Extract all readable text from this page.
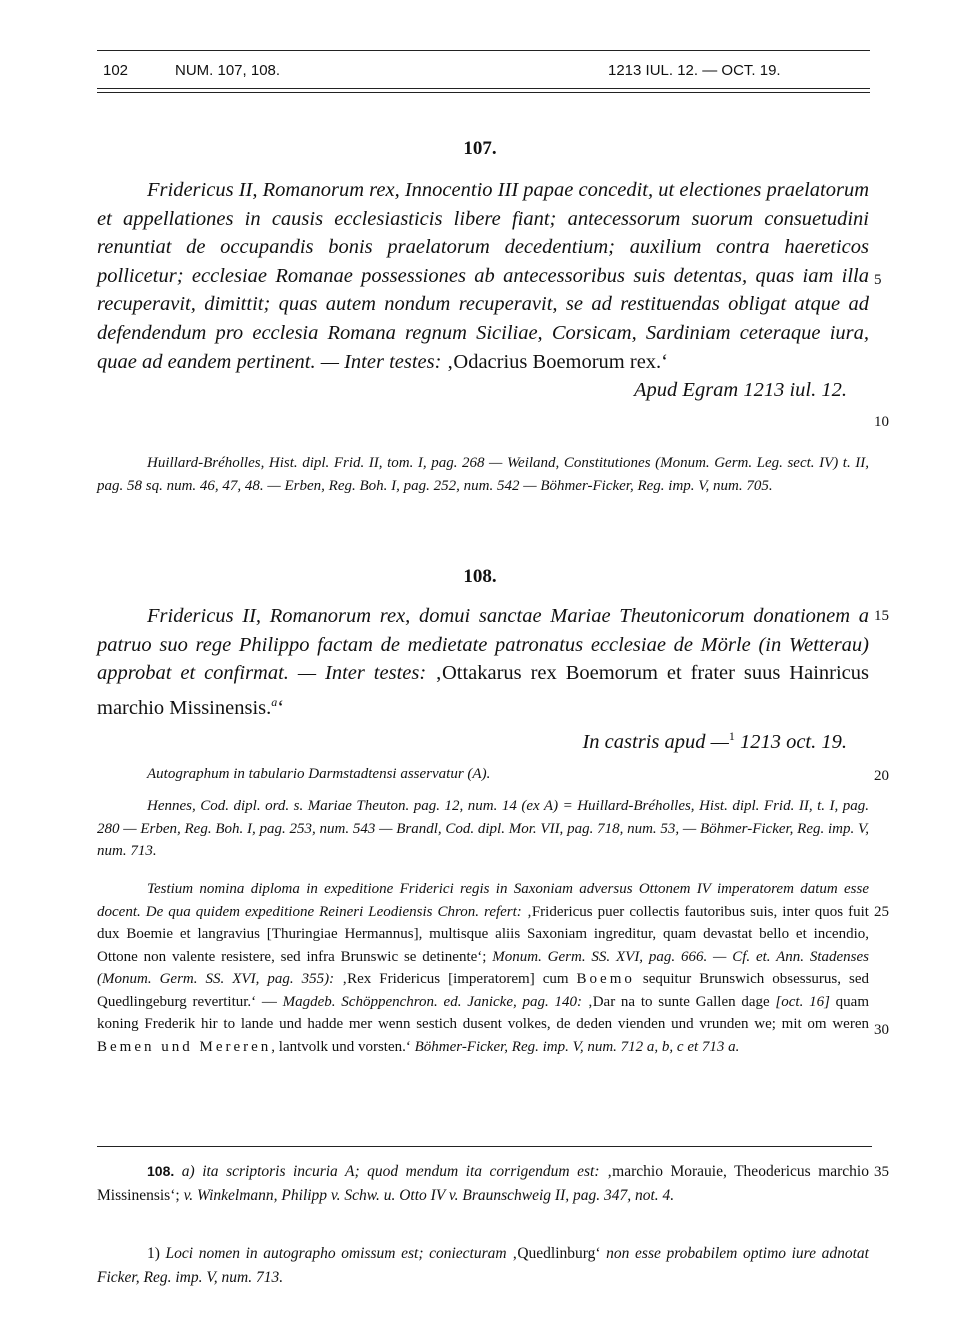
102	NUM. 107, 108.	1213 IUL. 12. — OCT. 19.
107.

Fridericus II, Romanorum rex, Innocentio III papae concedit, ut electiones praelatorum et appellationes in causis ecclesiasticis libere fiant; antecessorum suorum consuetudini renuntiat de occupandis bonis praelatorum decedentium; auxilium contra haereticos pollicetur; ecclesiae Romanae possessiones ab antecessoribus suis detentas, quas iam illa recuperavit, dimittit; quas autem nondum recuperavit, se ad restituendas obligat atque ad defendendum pro ecclesia Romana regnum Siciliae, Corsicam, Sardiniam ceteraque iura, quae ad eandem pertinent. — Inter testes: ‚Odacrius Boemorum rex.‘

Apud Egram 1213 iul. 12.

Huillard-Bréholles, Hist. dipl. Frid. II, tom. I, pag. 268 — Weiland, Constitutiones (Monum. Germ. Leg. sect. IV) t. II, pag. 58 sq. num. 46, 47, 48. — Erben, Reg. Boh. I, pag. 252, num. 542 — Böhmer-Ficker, Reg. imp. V, num. 705.

108.

Fridericus II, Romanorum rex, domui sanctae Mariae Theutonicorum donationem a patruo suo rege Philippo factam de medietate patronatus ecclesiae de Mörle (in Wetterau) approbat et confirmat. — Inter testes: ‚Ottakarus rex Boemorum et frater suus Hainricus marchio Missinensis.$^a$‘

In castris apud —$^1$ 1213 oct. 19.

Autographum in tabulario Darmstadtensi asservatur (A).

Hennes, Cod. dipl. ord. s. Mariae Theuton. pag. 12, num. 14 (ex A) = Huillard-Bréholles, Hist. dipl. Frid. II, t. I, pag. 280 — Erben, Reg. Boh. I, pag. 253, num. 543 — Brandl, Cod. dipl. Mor. VII, pag. 718, num. 53, — Böhmer-Ficker, Reg. imp. V, num. 713.

Testium nomina diploma in expeditione Friderici regis in Saxoniam adversus Ottonem IV imperatorem datum esse docent. De qua quidem expeditione Reineri Leodiensis Chron. refert: ‚Fridericus puer collectis fautoribus suis, inter quos fuit dux Boemie et langravius [Thuringiae Hermannus], multisque aliis Saxoniam ingreditur, quam devastat bello et incendio, Ottone non valente resistere, sed infra Brunswic se detinente‘; Monum. Germ. SS. XVI, pag. 666. — Cf. et. Ann. Stadenses (Monum. Germ. SS. XVI, pag. 355): ‚Rex Fridericus [imperatorem] cum Boemo sequitur Brunswich obsessurus, sed Quedlingeburg revertitur.‘ — Magdeb. Schöppenchron. ed. Janicke, pag. 140: ‚Dar na to sunte Gallen dage [oct. 16] quam koning Frederik hir to lande und hadde mer wenn sestich dusent volkes, de deden vienden und vrunden we; mit om weren Bemen und Mereren, lantvolk und vorsten.‘ Böhmer-Ficker, Reg. imp. V, num. 712 a, b, c et 713 a.

108. a) ita scriptoris incuria A; quod mendum ita corrigendum est: ‚marchio Morauie, Theodericus marchio Missinensis‘; v. Winkelmann, Philipp v. Schw. u. Otto IV v. Braunschweig II, pag. 347, not. 4.

1) Loci nomen in autographo omissum est; coniecturam ‚Quedlinburg‘ non esse probabilem optimo iure adnotat Ficker, Reg. imp. V, num. 713.

5
10
15
20
25
30
35
